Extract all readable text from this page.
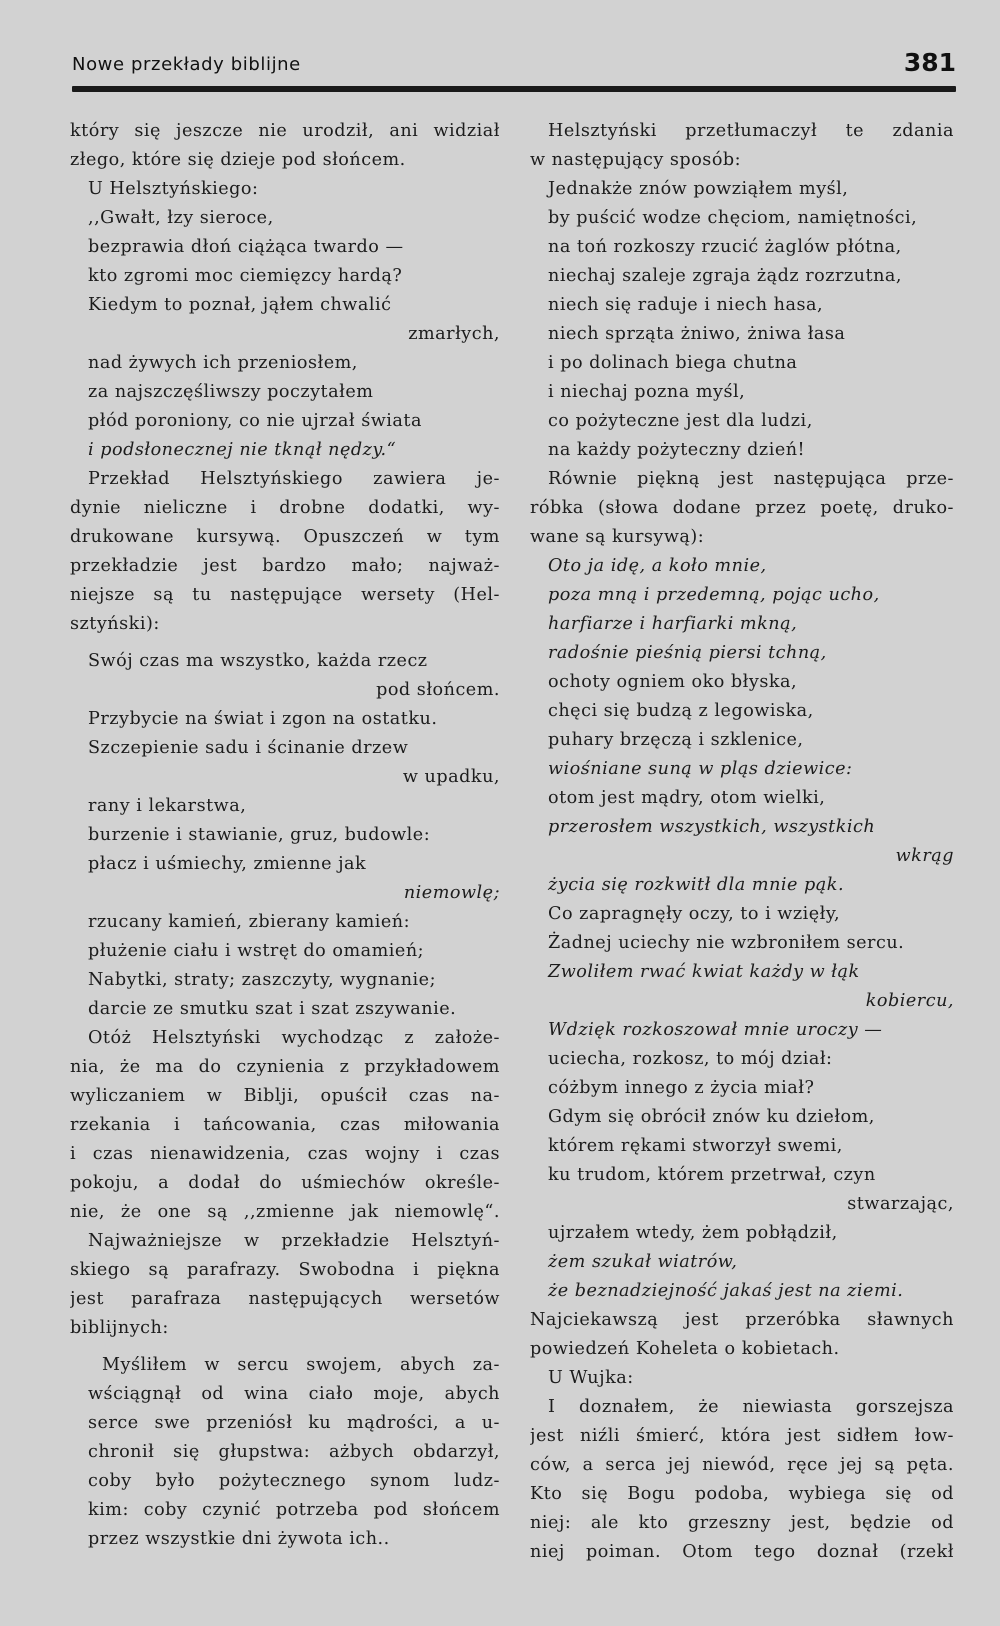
Nowe przekłady biblijne	381
który się jeszcze nie urodził, ani widział
złego, które się dzieje pod słońcem.
U Helsztyńskiego:
,,Gwałt, łzy sieroce,
bezprawia dłoń ciążąca twardo —
kto zgromi moc ciemięzcy hardą?
Kiedym to poznał, jąłem chwalić
zmarłych,
nad żywych ich przeniosłem,
za najszczęśliwszy poczytałem
płód poroniony, co nie ujrzał świata
i podsłonecznej nie tknął nędzy.“
Przekład Helsztyńskiego zawiera je-
dynie nieliczne i drobne dodatki, wy-
drukowane kursywą. Opuszczeń w tym
przekładzie jest bardzo mało; najważ-
niejsze są tu następujące wersety (Hel-
sztyński):
Swój czas ma wszystko, każda rzecz
pod słońcem.
Przybycie na świat i zgon na ostatku.
Szczepienie sadu i ścinanie drzew
w upadku,
rany i lekarstwa,
burzenie i stawianie, gruz, budowle:
płacz i uśmiechy, zmienne jak
niemowlę;
rzucany kamień, zbierany kamień:
płużenie ciału i wstręt do omamień;
Nabytki, straty; zaszczyty, wygnanie;
darcie ze smutku szat i szat zszywanie.
Otóż Helsztyński wychodząc z założe-
nia, że ma do czynienia z przykładowem
wyliczaniem w Biblji, opuścił czas na-
rzekania i tańcowania, czas miłowania
i czas nienawidzenia, czas wojny i czas
pokoju, a dodał do uśmiechów określe-
nie, że one są ,,zmienne jak niemowlę“.
Najważniejsze w przekładzie Helsztyń-
skiego są parafrazy. Swobodna i piękna
jest parafraza następujących wersetów
biblijnych:
Myśliłem w sercu swojem, abych za-
wściągnął od wina ciało moje, abych
serce swe przeniósł ku mądrości, a u-
chronił się głupstwa: ażbych obdarzył,
coby było pożytecznego synom ludz-
kim: coby czynić potrzeba pod słońcem
przez wszystkie dni żywota ich..
Helsztyński przetłumaczył te zdania
w następujący sposób:
Jednakże znów powziąłem myśl,
by puścić wodze chęciom, namiętności,
na toń rozkoszy rzucić żaglów płótna,
niechaj szaleje zgraja żądz rozrzutna,
niech się raduje i niech hasa,
niech sprząta żniwo, żniwa łasa
i po dolinach biega chutna
i niechaj pozna myśl,
co pożyteczne jest dla ludzi,
na każdy pożyteczny dzień!
Równie piękną jest następująca prze-
róbka (słowa dodane przez poetę, druko-
wane są kursywą):
Oto ja idę, a koło mnie,
poza mną i przedemną, pojąc ucho,
harfiarze i harfiarki mkną,
radośnie pieśnią piersi tchną,
ochoty ogniem oko błyska,
chęci się budzą z legowiska,
puhary brzęczą i szklenice,
wiośniane suną w pląs dziewice:
otom jest mądry, otom wielki,
przerosłem wszystkich, wszystkich
wkrąg
życia się rozkwitł dla mnie pąk.
Co zapragnęły oczy, to i wzięły,
Żadnej uciechy nie wzbroniłem sercu.
Zwoliłem rwać kwiat każdy w łąk
kobiercu,
Wdzięk rozkoszował mnie uroczy —
uciecha, rozkosz, to mój dział:
cóżbym innego z życia miał?
Gdym się obrócił znów ku dziełom,
którem rękami stworzył swemi,
ku trudom, którem przetrwał, czyn
stwarzając,
ujrzałem wtedy, żem pobłądził,
żem szukał wiatrów,
że beznadziejność jakaś jest na ziemi.
Najciekawszą jest przeróbka sławnych
powiedzeń Koheleta o kobietach.
U Wujka:
I doznałem, że niewiasta gorszejsza
jest niźli śmierć, która jest sidłem łow-
ców, a serca jej niewód, ręce jej są pęta.
Kto się Bogu podoba, wybiega się od
niej: ale kto grzeszny jest, będzie od
niej poiman. Otom tego doznał (rzekł
